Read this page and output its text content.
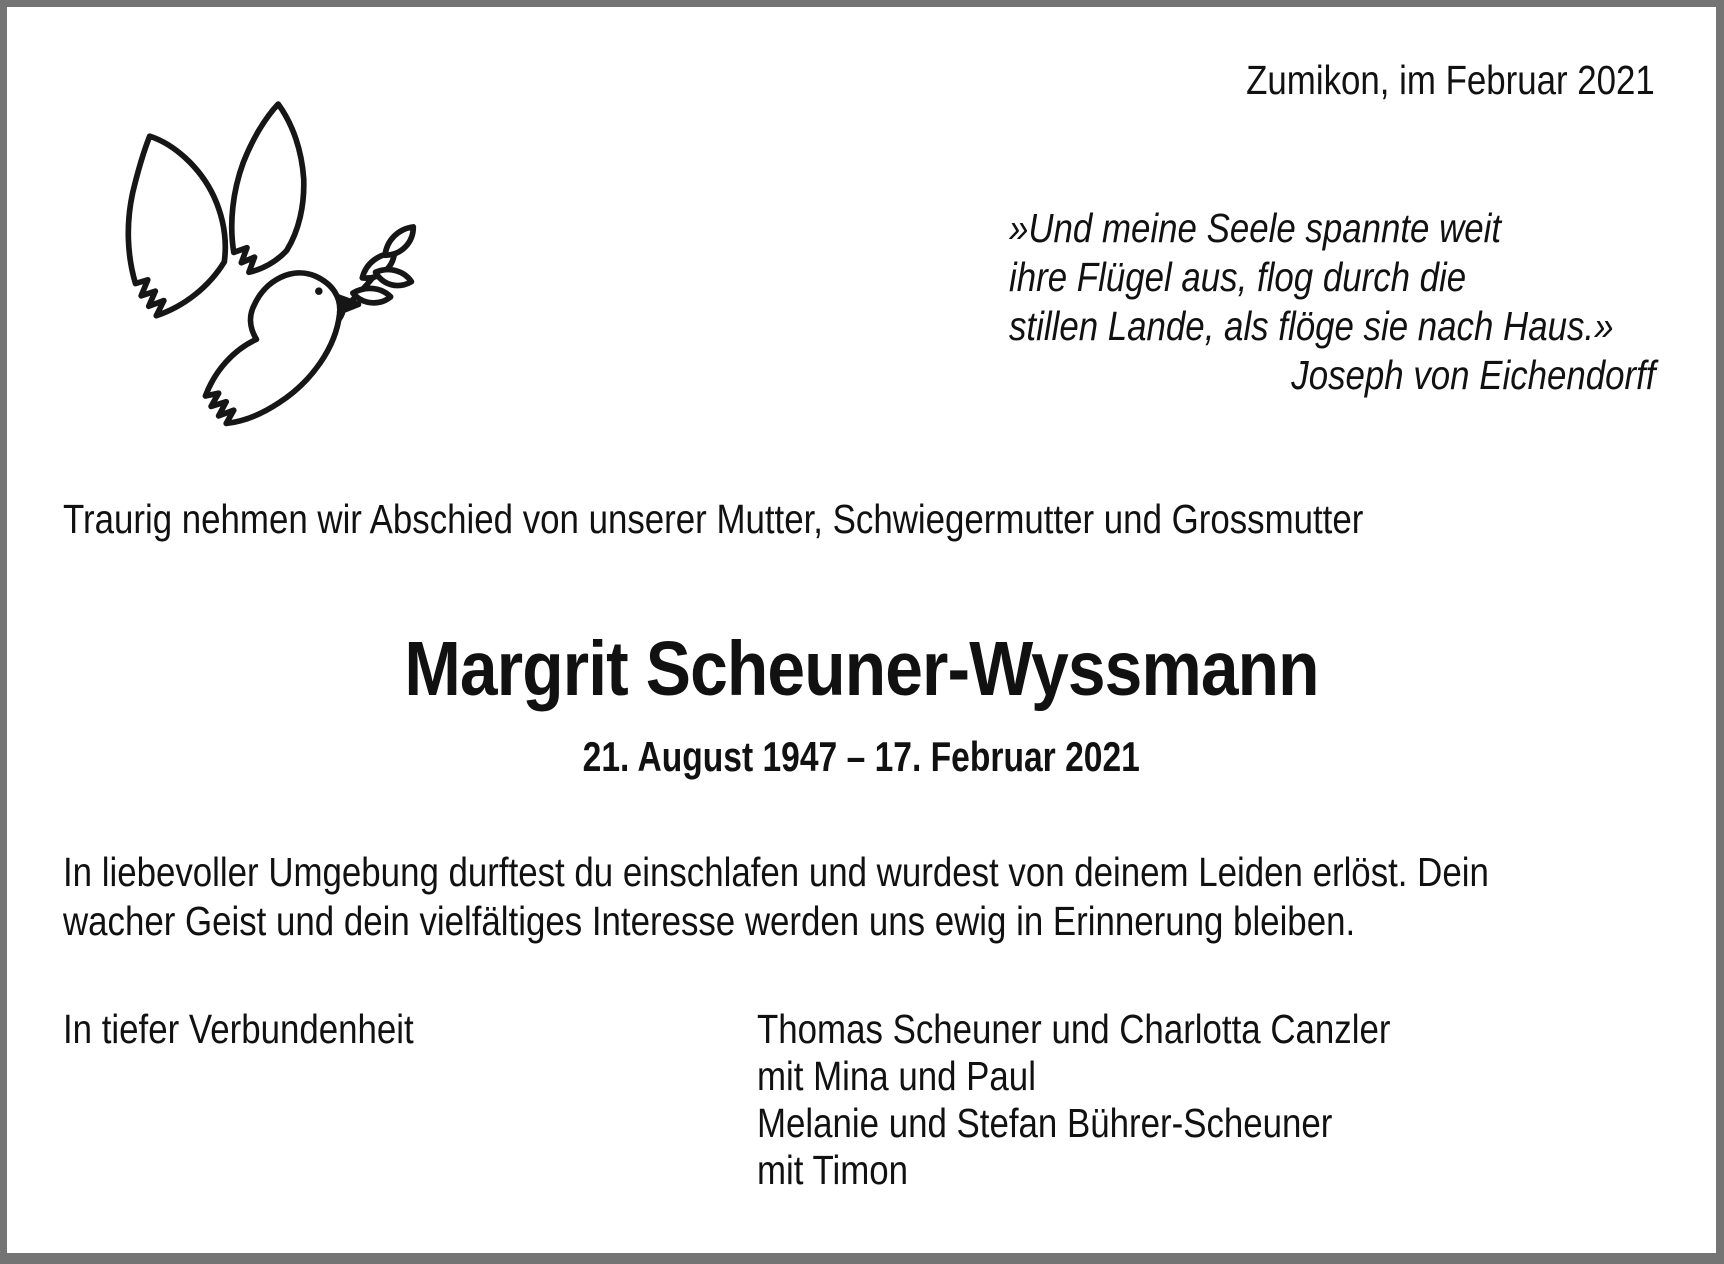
Zumikon, im Februar 2021
»Und meine Seele spannte weit
ihre Flügel aus, flog durch die
stillen Lande, als flöge sie nach Haus.»
Joseph von Eichendorff
Traurig nehmen wir Abschied von unserer Mutter, Schwiegermutter und Grossmutter
Margrit Scheuner-Wyssmann
21. August 1947 – 17. Februar 2021
In liebevoller Umgebung durftest du einschlafen und wurdest von deinem Leiden erlöst. Dein
wacher Geist und dein vielfältiges Interesse werden uns ewig in Erinnerung bleiben.
In tiefer Verbundenheit	Thomas Scheuner und Charlotta Canzler
mit Mina und Paul
Melanie und Stefan Bührer-Scheuner
mit Timon
